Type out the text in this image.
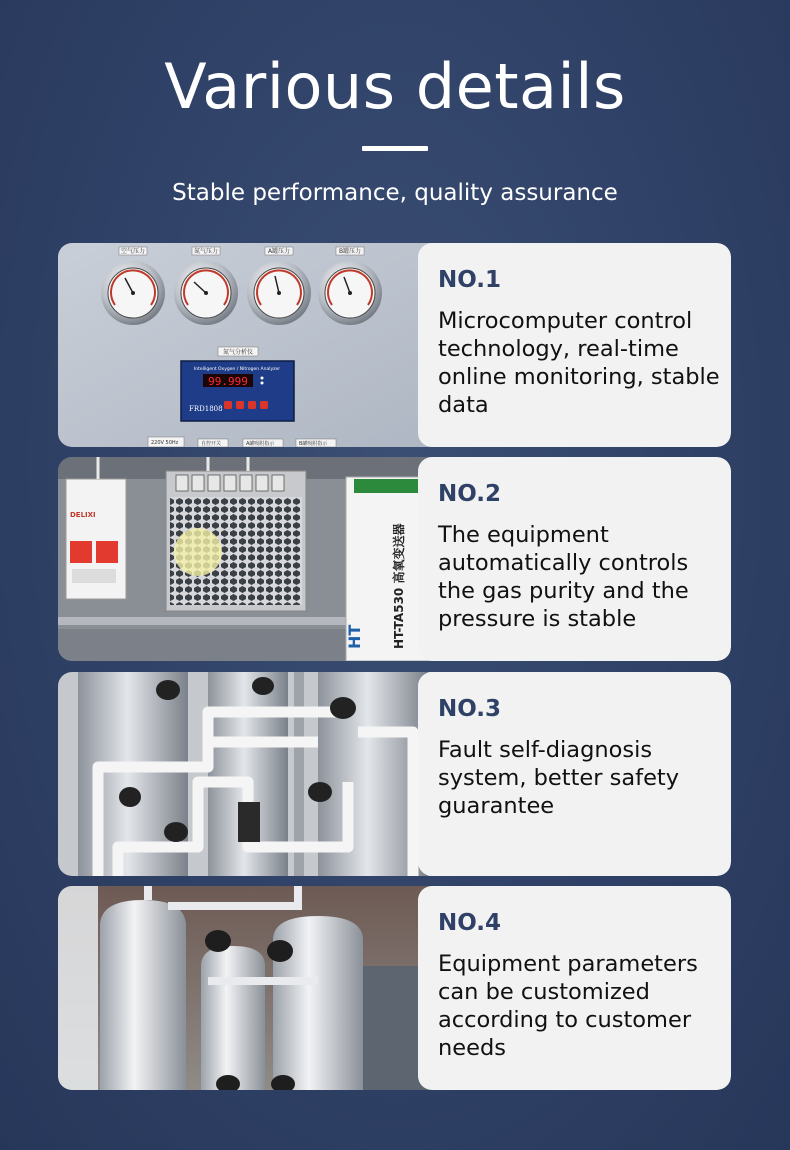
Various details
Stable performance, quality assurance
空气压力	氮气压力	A罐压力	B罐压力
氮气分析仪
Intelligent Oxygen / Nitrogen Analyzer
99.999
FRD1808
220V 50Hz	自控开关	A罐吸附指示	B罐吸附指示
NO.1
Microcomputer control technology, real-time online monitoring, stable data
DELIXI
HT-TA530 高氧变送器
HT
NO.2
The equipment automatically controls the gas purity and the pressure is stable
NO.3
Fault self-diagnosis system, better safety guarantee
NO.4
Equipment parameters can be customized according to customer needs
